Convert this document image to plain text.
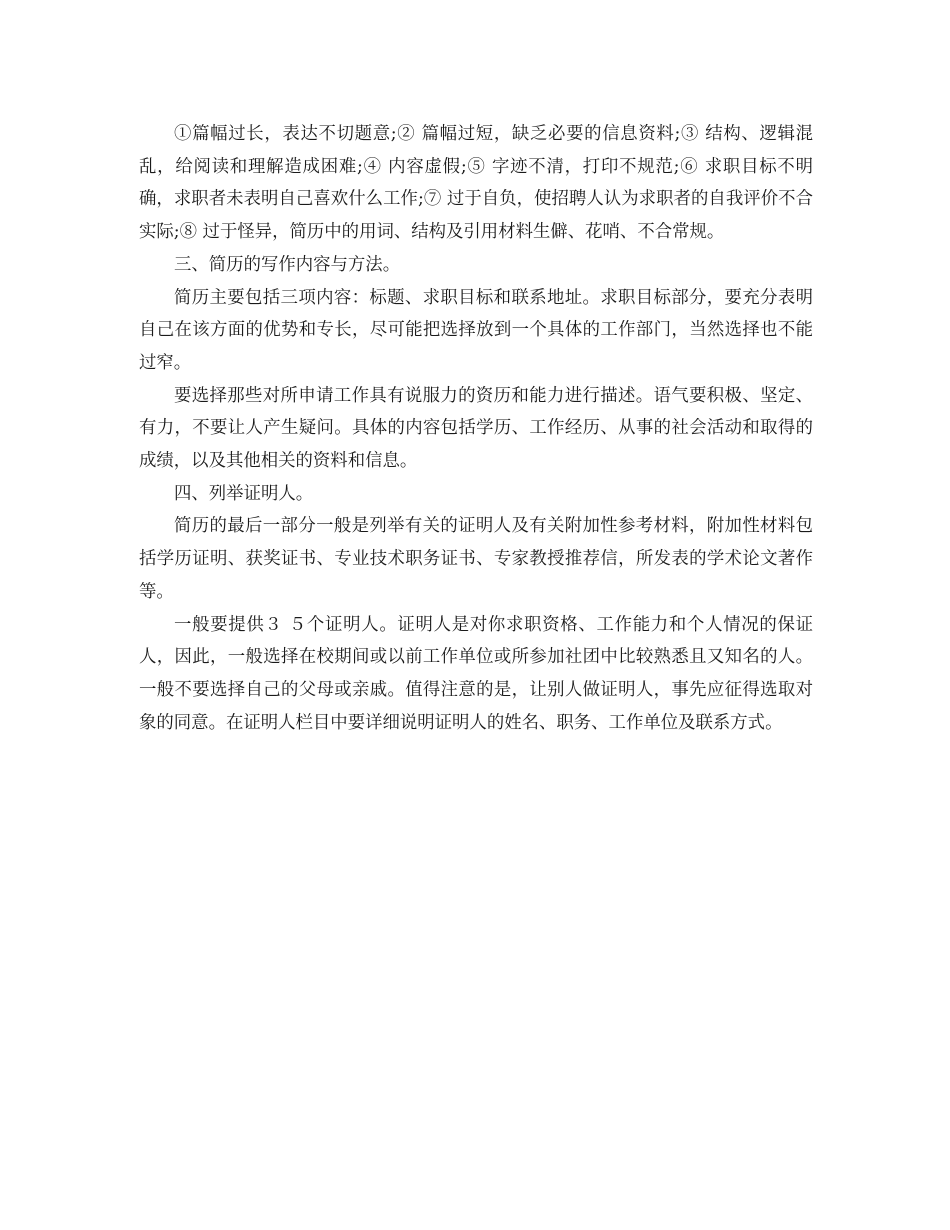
①篇幅过长，表达不切题意;② 篇幅过短，缺乏必要的信息资料;③ 结构、逻辑混乱，给阅读和理解造成困难;④ 内容虚假;⑤ 字迹不清，打印不规范;⑥ 求职目标不明确，求职者未表明自己喜欢什么工作;⑦ 过于自负，使招聘人认为求职者的自我评价不合实际;⑧ 过于怪异，简历中的用词、结构及引用材料生僻、花哨、不合常规。

三、简历的写作内容与方法。

简历主要包括三项内容：标题、求职目标和联系地址。求职目标部分，要充分表明自己在该方面的优势和专长，尽可能把选择放到一个具体的工作部门，当然选择也不能过窄。

要选择那些对所申请工作具有说服力的资历和能力进行描述。语气要积极、坚定、有力，不要让人产生疑问。具体的内容包括学历、工作经历、从事的社会活动和取得的成绩，以及其他相关的资料和信息。

四、列举证明人。

简历的最后一部分一般是列举有关的证明人及有关附加性参考材料，附加性材料包括学历证明、获奖证书、专业技术职务证书、专家教授推荐信，所发表的学术论文著作等。

一般要提供３ ５个证明人。证明人是对你求职资格、工作能力和个人情况的保证人，因此，一般选择在校期间或以前工作单位或所参加社团中比较熟悉且又知名的人。一般不要选择自己的父母或亲戚。值得注意的是，让别人做证明人，事先应征得选取对象的同意。在证明人栏目中要详细说明证明人的姓名、职务、工作单位及联系方式。
